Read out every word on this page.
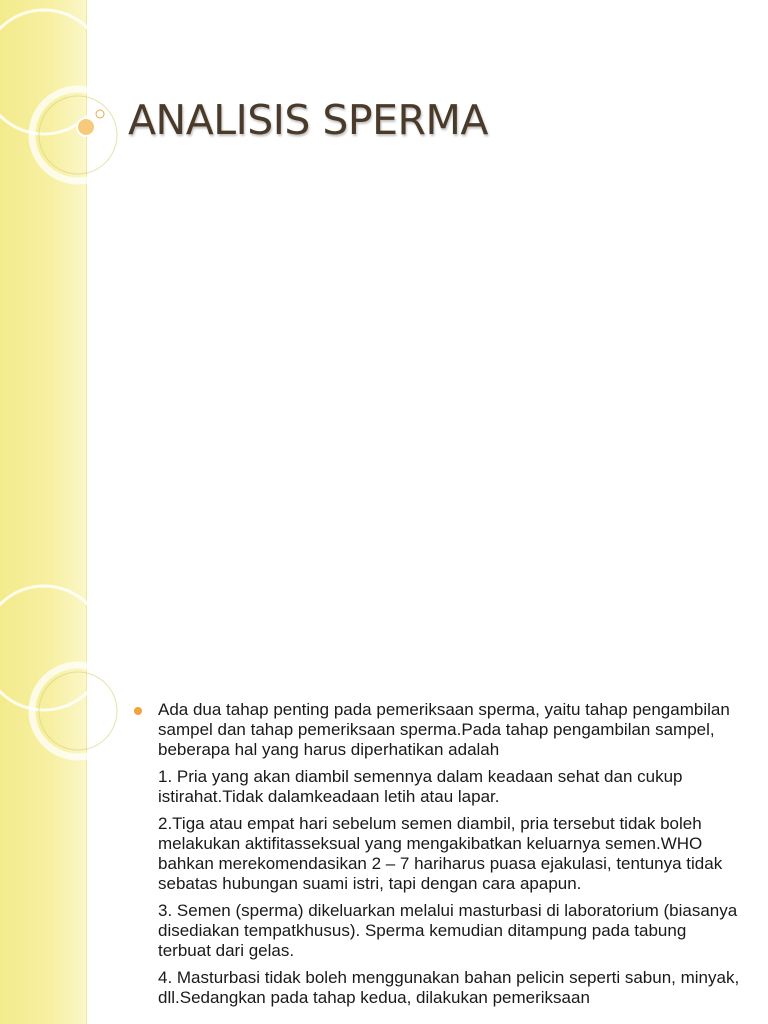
ANALISIS SPERMA

Ada dua tahap penting pada pemeriksaan sperma, yaitu tahap pengambilan sampel dan tahap pemeriksaan sperma.Pada tahap pengambilan sampel, beberapa hal yang harus diperhatikan adalah

1. Pria yang akan diambil semennya dalam keadaan sehat dan cukup istirahat.Tidak dalamkeadaan letih atau lapar.

2.Tiga atau empat hari sebelum semen diambil, pria tersebut tidak boleh melakukan aktifitasseksual yang mengakibatkan keluarnya semen.WHO bahkan merekomendasikan 2 – 7 hariharus puasa ejakulasi, tentunya tidak sebatas hubungan suami istri, tapi dengan cara apapun.

3. Semen (sperma) dikeluarkan melalui masturbasi di laboratorium (biasanya disediakan tempatkhusus). Sperma kemudian ditampung pada tabung terbuat dari gelas.

4. Masturbasi tidak boleh menggunakan bahan pelicin seperti sabun, minyak, dll.Sedangkan pada tahap kedua, dilakukan pemeriksaan
